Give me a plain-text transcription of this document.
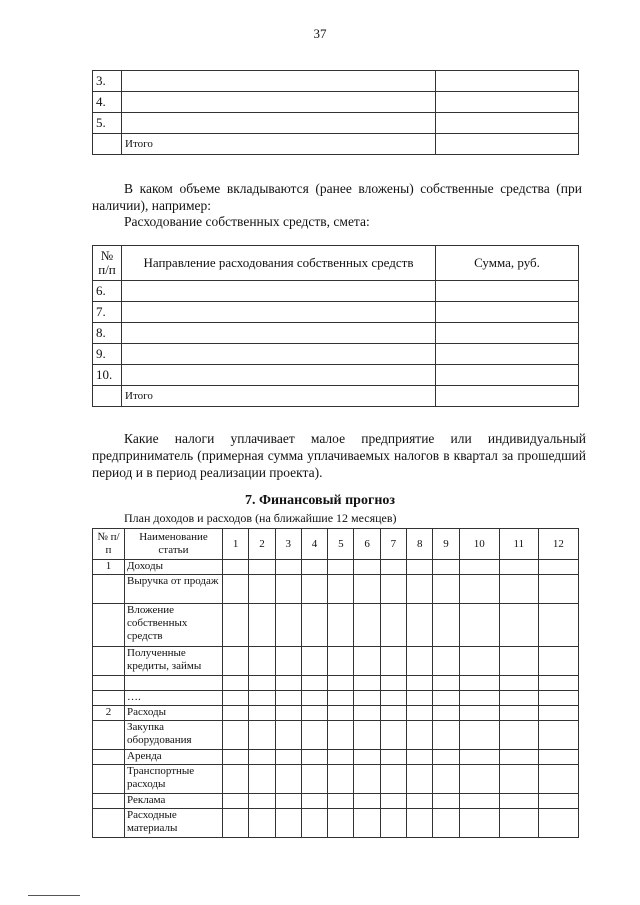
37
3.		
4.		
5.		
	Итого	
В каком объеме вкладываются (ранее вложены) собственные средства (при наличии), например:
Расходование собственных средств, смета:
№ п/п	Направление расходования собственных средств	Сумма, руб.
6.		
7.		
8.		
9.		
10.		
	Итого	
Какие налоги уплачивает малое предприятие или индивидуальный предприниматель (примерная сумма уплачиваемых налогов в квартал за прошедший период и в период реализации проекта).
7. Финансовый прогноз
План доходов и расходов (на ближайшие 12 месяцев)
№ п/п	Наименование статьи	1	2	3	4	5	6	7	8	9	10	11	12
1	Доходы												
	Выручка от продаж												
	Вложение собственных средств												
	Полученные кредиты, займы												

	….												
2	Расходы												
	Закупка оборудования												
	Аренда												
	Транспортные расходы												
	Реклама												
	Расходные материалы												
